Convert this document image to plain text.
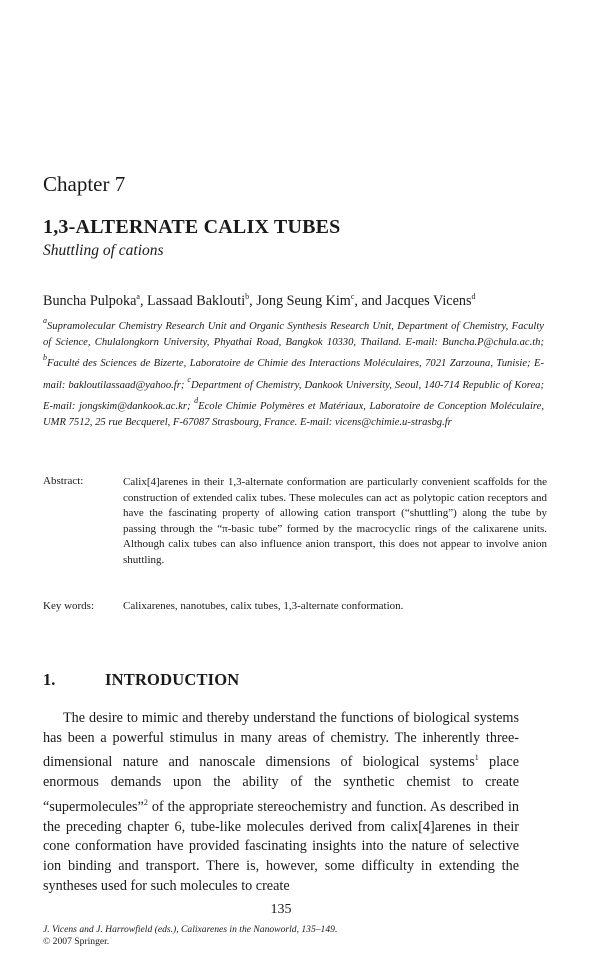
Chapter 7
1,3-ALTERNATE CALIX TUBES
Shuttling of cations
Buncha Pulpoka$^a$, Lassaad Baklouti$^b$, Jong Seung Kim$^c$, and Jacques Vicens$^d$
$^a$Supramolecular Chemistry Research Unit and Organic Synthesis Research Unit, Department of Chemistry, Faculty of Science, Chulalongkorn University, Phyathai Road, Bangkok 10330, Thailand. E-mail: Buncha.P@chula.ac.th; $^b$Faculté des Sciences de Bizerte, Laboratoire de Chimie des Interactions Moléculaires, 7021 Zarzouna, Tunisie; E-mail: bakloutilassaad@yahoo.fr; $^c$Department of Chemistry, Dankook University, Seoul, 140-714 Republic of Korea; E-mail: jongskim@dankook.ac.kr; $^d$Ecole Chimie Polymères et Matériaux, Laboratoire de Conception Moléculaire, UMR 7512, 25 rue Becquerel, F-67087 Strasbourg, France. E-mail: vicens@chimie.u-strasbg.fr
Abstract:	Calix[4]arenes in their 1,3-alternate conformation are particularly convenient scaffolds for the construction of extended calix tubes. These molecules can act as polytopic cation receptors and have the fascinating property of allowing cation transport (“shuttling”) along the tube by passing through the “π-basic tube” formed by the macrocyclic rings of the calixarene units. Although calix tubes can also influence anion transport, this does not appear to involve anion shuttling.
Key words:	Calixarenes, nanotubes, calix tubes, 1,3-alternate conformation.
1.	INTRODUCTION
The desire to mimic and thereby understand the functions of biological systems has been a powerful stimulus in many areas of chemistry. The inherently three-dimensional nature and nanoscale dimensions of biological systems$^1$ place enormous demands upon the ability of the synthetic chemist to create “supermolecules”$^2$ of the appropriate stereochemistry and function. As described in the preceding chapter 6, tube-like molecules derived from calix[4]arenes in their cone conformation have provided fascinating insights into the nature of selective ion binding and transport. There is, however, some difficulty in extending the syntheses used for such molecules to create
135
J. Vicens and J. Harrowfield (eds.), Calixarenes in the Nanoworld, 135–149.
© 2007 Springer.
